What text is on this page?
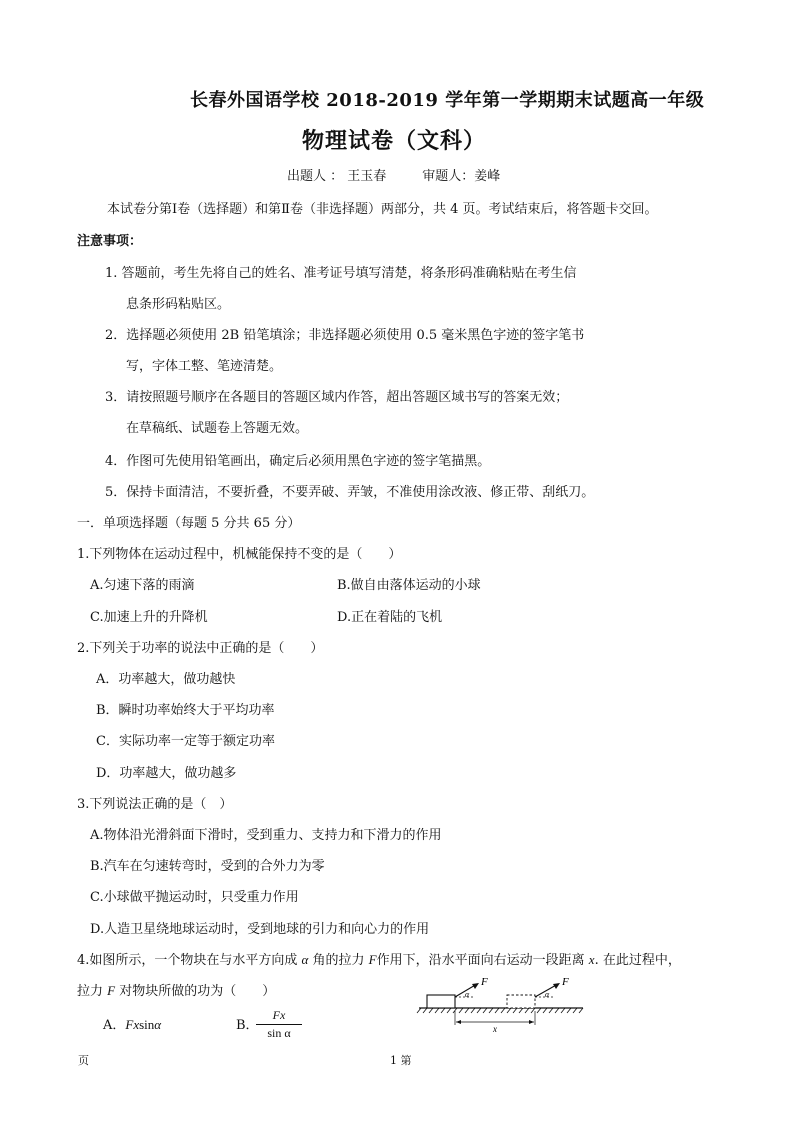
长春外国语学校 2018-2019 学年第一学期期末试题高一年级
物理试卷（文科）
出题人 ： 王玉春	审题人：姜峰
本试卷分第Ⅰ卷（选择题）和第Ⅱ卷（非选择题）两部分，共 4 页。考试结束后，将答题卡交回。
注意事项：
1. 答题前，考生先将自己的姓名、准考证号填写清楚，将条形码准确粘贴在考生信
息条形码粘贴区。
2．选择题必须使用 2B 铅笔填涂；非选择题必须使用 0.5 毫米黑色字迹的签字笔书
写，字体工整、笔迹清楚。
3．请按照题号顺序在各题目的答题区域内作答，超出答题区域书写的答案无效；
在草稿纸、试题卷上答题无效。
4．作图可先使用铅笔画出，确定后必须用黑色字迹的签字笔描黑。
5．保持卡面清洁，不要折叠，不要弄破、弄皱，不准使用涂改液、修正带、刮纸刀。
一．单项选择题（每题 5 分共 65 分）
1.下列物体在运动过程中，机械能保持不变的是（　　）
A.匀速下落的雨滴	B.做自由落体运动的小球
C.加速上升的升降机	D.正在着陆的飞机
2.下列关于功率的说法中正确的是（　　）
A．功率越大，做功越快
B．瞬时功率始终大于平均功率
C．实际功率一定等于额定功率
D．功率越大，做功越多
3.下列说法正确的是（　）
A.物体沿光滑斜面下滑时，受到重力、支持力和下滑力的作用
B.汽车在匀速转弯时，受到的合外力为零
C.小球做平抛运动时，只受重力作用
D.人造卫星绕地球运动时，受到地球的引力和向心力的作用
4.如图所示，一个物块在与水平方向成 α 角的拉力 F作用下，沿水平面向右运动一段距离 x. 在此过程中，
拉力 F 对物块所做的功为（　　）
A．Fxsinα	B．
$\frac{Fx}{\text{sin α}}$
α
F
α
F
x
页	1 第
